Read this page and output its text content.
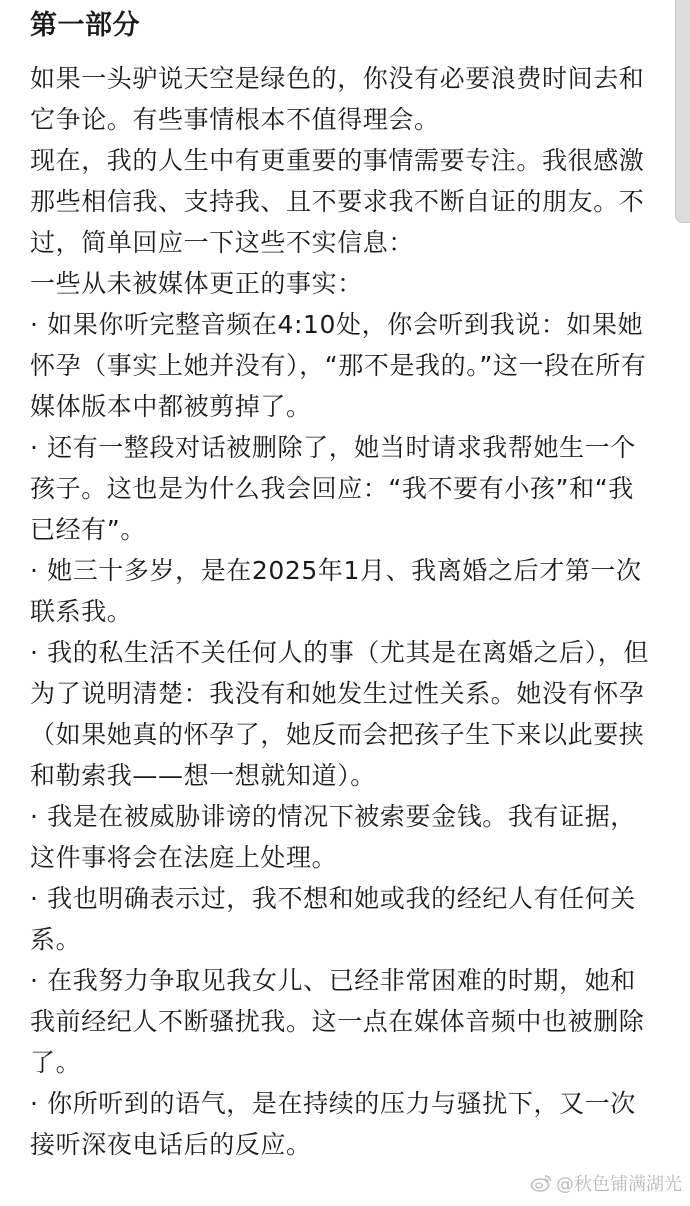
第一部分

如果一头驴说天空是绿色的，你没有必要浪费时间去和它争论。有些事情根本不值得理会。

现在，我的人生中有更重要的事情需要专注。我很感激那些相信我、支持我、且不要求我不断自证的朋友。不过，简单回应一下这些不实信息：

一些从未被媒体更正的事实：

· 如果你听完整音频在4:10处，你会听到我说：如果她怀孕（事实上她并没有），“那不是我的。”这一段在所有媒体版本中都被剪掉了。

· 还有一整段对话被删除了，她当时请求我帮她生一个孩子。这也是为什么我会回应：“我不要有小孩”和“我已经有”。

· 她三十多岁，是在2025年1月、我离婚之后才第一次联系我。

· 我的私生活不关任何人的事（尤其是在离婚之后），但为了说明清楚：我没有和她发生过性关系。她没有怀孕（如果她真的怀孕了，她反而会把孩子生下来以此要挟和勒索我——想一想就知道）。

· 我是在被威胁诽谤的情况下被索要金钱。我有证据，这件事将会在法庭上处理。

· 我也明确表示过，我不想和她或我的经纪人有任何关系。

· 在我努力争取见我女儿、已经非常困难的时期，她和我前经纪人不断骚扰我。这一点在媒体音频中也被删除了。

· 你所听到的语气，是在持续的压力与骚扰下，又一次接听深夜电话后的反应。

@秋色铺满湖光
